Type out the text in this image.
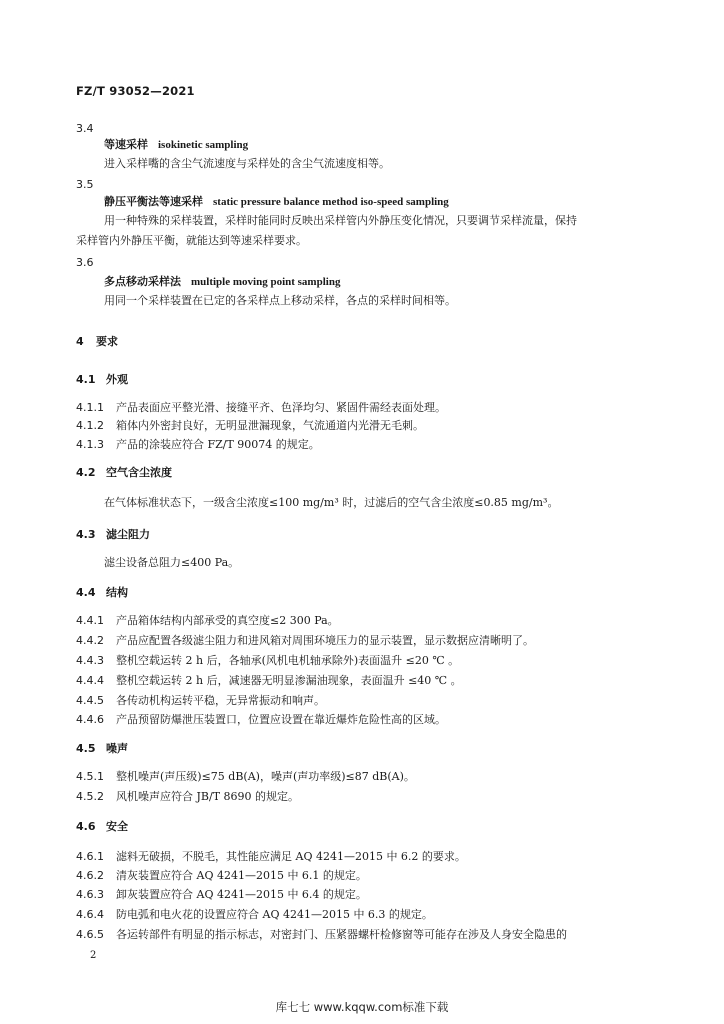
FZ/T 93052—2021
3.4
等速采样 isokinetic sampling
进入采样嘴的含尘气流速度与采样处的含尘气流速度相等。
3.5
静压平衡法等速采样 static pressure balance method iso-speed sampling
用一种特殊的采样装置，采样时能同时反映出采样管内外静压变化情况，只要调节采样流量，保持
采样管内外静压平衡，就能达到等速采样要求。
3.6
多点移动采样法 multiple moving point sampling
用同一个采样装置在已定的各采样点上移动采样，各点的采样时间相等。
4 要求
4.1 外观
4.1.1 产品表面应平整光滑、接缝平齐、色泽均匀、紧固件需经表面处理。
4.1.2 箱体内外密封良好，无明显泄漏现象，气流通道内光滑无毛刺。
4.1.3 产品的涂装应符合 FZ/T 90074 的规定。
4.2 空气含尘浓度
在气体标准状态下，一级含尘浓度≤100 mg/m³ 时，过滤后的空气含尘浓度≤0.85 mg/m³。
4.3 滤尘阻力
滤尘设备总阻力≤400 Pa。
4.4 结构
4.4.1 产品箱体结构内部承受的真空度≤2 300 Pa。
4.4.2 产品应配置各级滤尘阻力和进风箱对周围环境压力的显示装置，显示数据应清晰明了。
4.4.3 整机空载运转 2 h 后，各轴承(风机电机轴承除外)表面温升 ≤20 ℃ 。
4.4.4 整机空载运转 2 h 后，减速器无明显渗漏油现象，表面温升 ≤40 ℃ 。
4.4.5 各传动机构运转平稳，无异常振动和响声。
4.4.6 产品预留防爆泄压装置口，位置应设置在靠近爆炸危险性高的区域。
4.5 噪声
4.5.1 整机噪声(声压级)≤75 dB(A)，噪声(声功率级)≤87 dB(A)。
4.5.2 风机噪声应符合 JB/T 8690 的规定。
4.6 安全
4.6.1 滤料无破损，不脱毛，其性能应满足 AQ 4241—2015 中 6.2 的要求。
4.6.2 清灰装置应符合 AQ 4241—2015 中 6.1 的规定。
4.6.3 卸灰装置应符合 AQ 4241—2015 中 6.4 的规定。
4.6.4 防电弧和电火花的设置应符合 AQ 4241—2015 中 6.3 的规定。
4.6.5 各运转部件有明显的指示标志，对密封门、压紧器螺杆检修窗等可能存在涉及人身安全隐患的
2
库七七 www.kqqw.com标准下载
